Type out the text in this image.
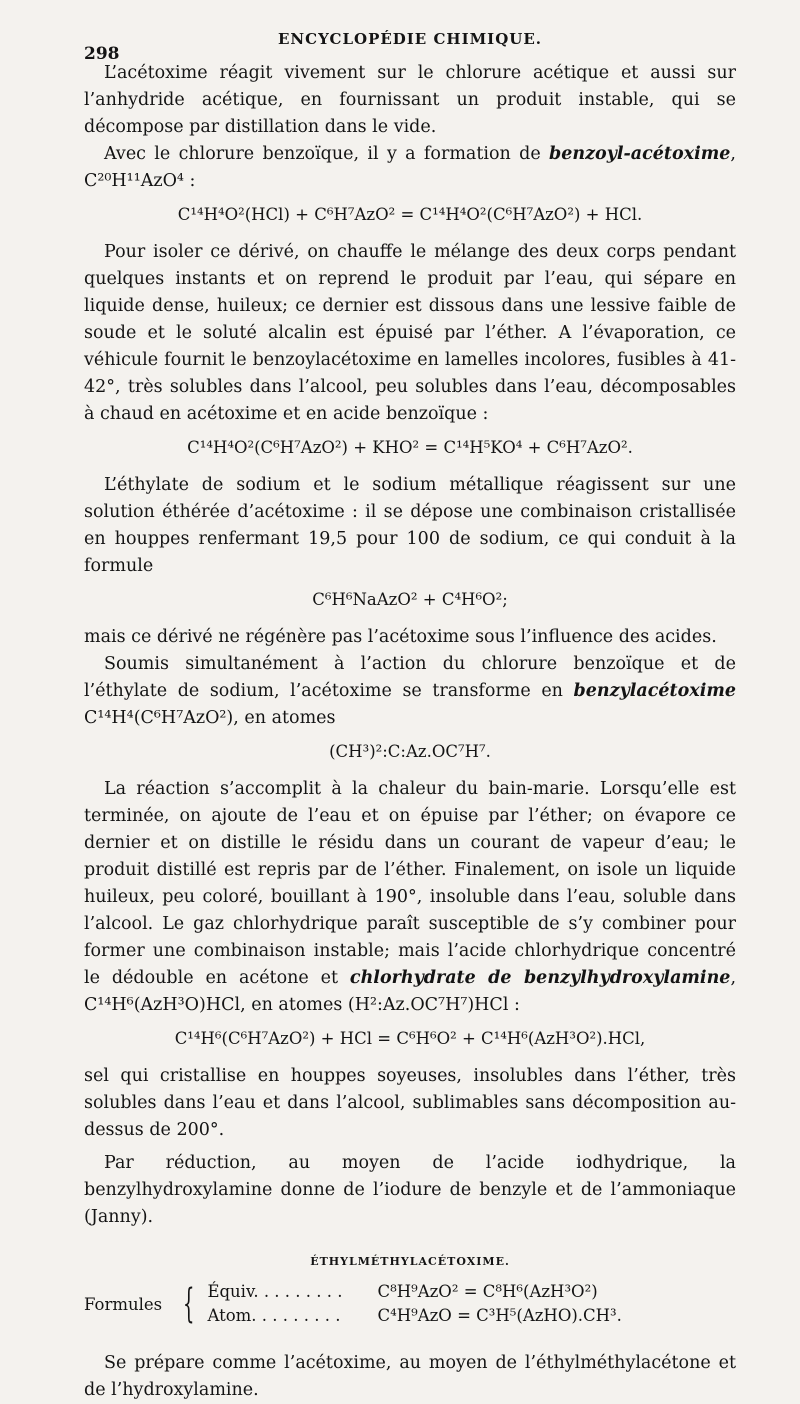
298
ENCYCLOPÉDIE CHIMIQUE.

L’acétoxime réagit vivement sur le chlorure acétique et aussi sur l’anhydride acétique, en fournissant un produit instable, qui se décompose par distillation dans le vide.

Avec le chlorure benzoïque, il y a formation de benzoyl-acétoxime, C²⁰H¹¹AzO⁴ :

C¹⁴H⁴O²(HCl) + C⁶H⁷AzO² = C¹⁴H⁴O²(C⁶H⁷AzO²) + HCl.

Pour isoler ce dérivé, on chauffe le mélange des deux corps pendant quelques instants et on reprend le produit par l’eau, qui sépare en liquide dense, huileux; ce dernier est dissous dans une lessive faible de soude et le soluté alcalin est épuisé par l’éther. A l’évaporation, ce véhicule fournit le benzoylacétoxime en lamelles incolores, fusibles à 41-42°, très solubles dans l’alcool, peu solubles dans l’eau, décomposables à chaud en acétoxime et en acide benzoïque :

C¹⁴H⁴O²(C⁶H⁷AzO²) + KHO² = C¹⁴H⁵KO⁴ + C⁶H⁷AzO².

L’éthylate de sodium et le sodium métallique réagissent sur une solution éthérée d’acétoxime : il se dépose une combinaison cristallisée en houppes renfermant 19,5 pour 100 de sodium, ce qui conduit à la formule

C⁶H⁶NaAzO² + C⁴H⁶O²;

mais ce dérivé ne régénère pas l’acétoxime sous l’influence des acides.

Soumis simultanément à l’action du chlorure benzoïque et de l’éthylate de sodium, l’acétoxime se transforme en benzylacétoxime C¹⁴H⁴(C⁶H⁷AzO²), en atomes

(CH³)²:C:Az.OC⁷H⁷.

La réaction s’accomplit à la chaleur du bain-marie. Lorsqu’elle est terminée, on ajoute de l’eau et on épuise par l’éther; on évapore ce dernier et on distille le résidu dans un courant de vapeur d’eau; le produit distillé est repris par de l’éther. Finalement, on isole un liquide huileux, peu coloré, bouillant à 190°, insoluble dans l’eau, soluble dans l’alcool. Le gaz chlorhydrique paraît susceptible de s’y combiner pour former une combinaison instable; mais l’acide chlorhydrique concentré le dédouble en acétone et chlorhydrate de benzylhydroxylamine, C¹⁴H⁶(AzH³O)HCl, en atomes (H²:Az.OC⁷H⁷)HCl :

C¹⁴H⁶(C⁶H⁷AzO²) + HCl = C⁶H⁶O² + C¹⁴H⁶(AzH³O²).HCl,

sel qui cristallise en houppes soyeuses, insolubles dans l’éther, très solubles dans l’eau et dans l’alcool, sublimables sans décomposition au-dessus de 200°.

Par réduction, au moyen de l’acide iodhydrique, la benzylhydroxylamine donne de l’iodure de benzyle et de l’ammoniaque (Janny).

ÉTHYLMÉTHYLACÉTOXIME.
Formules { Équiv. . . . . . . . .	C⁸H⁹AzO² = C⁸H⁶(AzH³O²)
Atom. . . . . . . . .	C⁴H⁹AzO = C³H⁵(AzHO).CH³.

Se prépare comme l’acétoxime, au moyen de l’éthylméthylacétone et de l’hydroxylamine.
